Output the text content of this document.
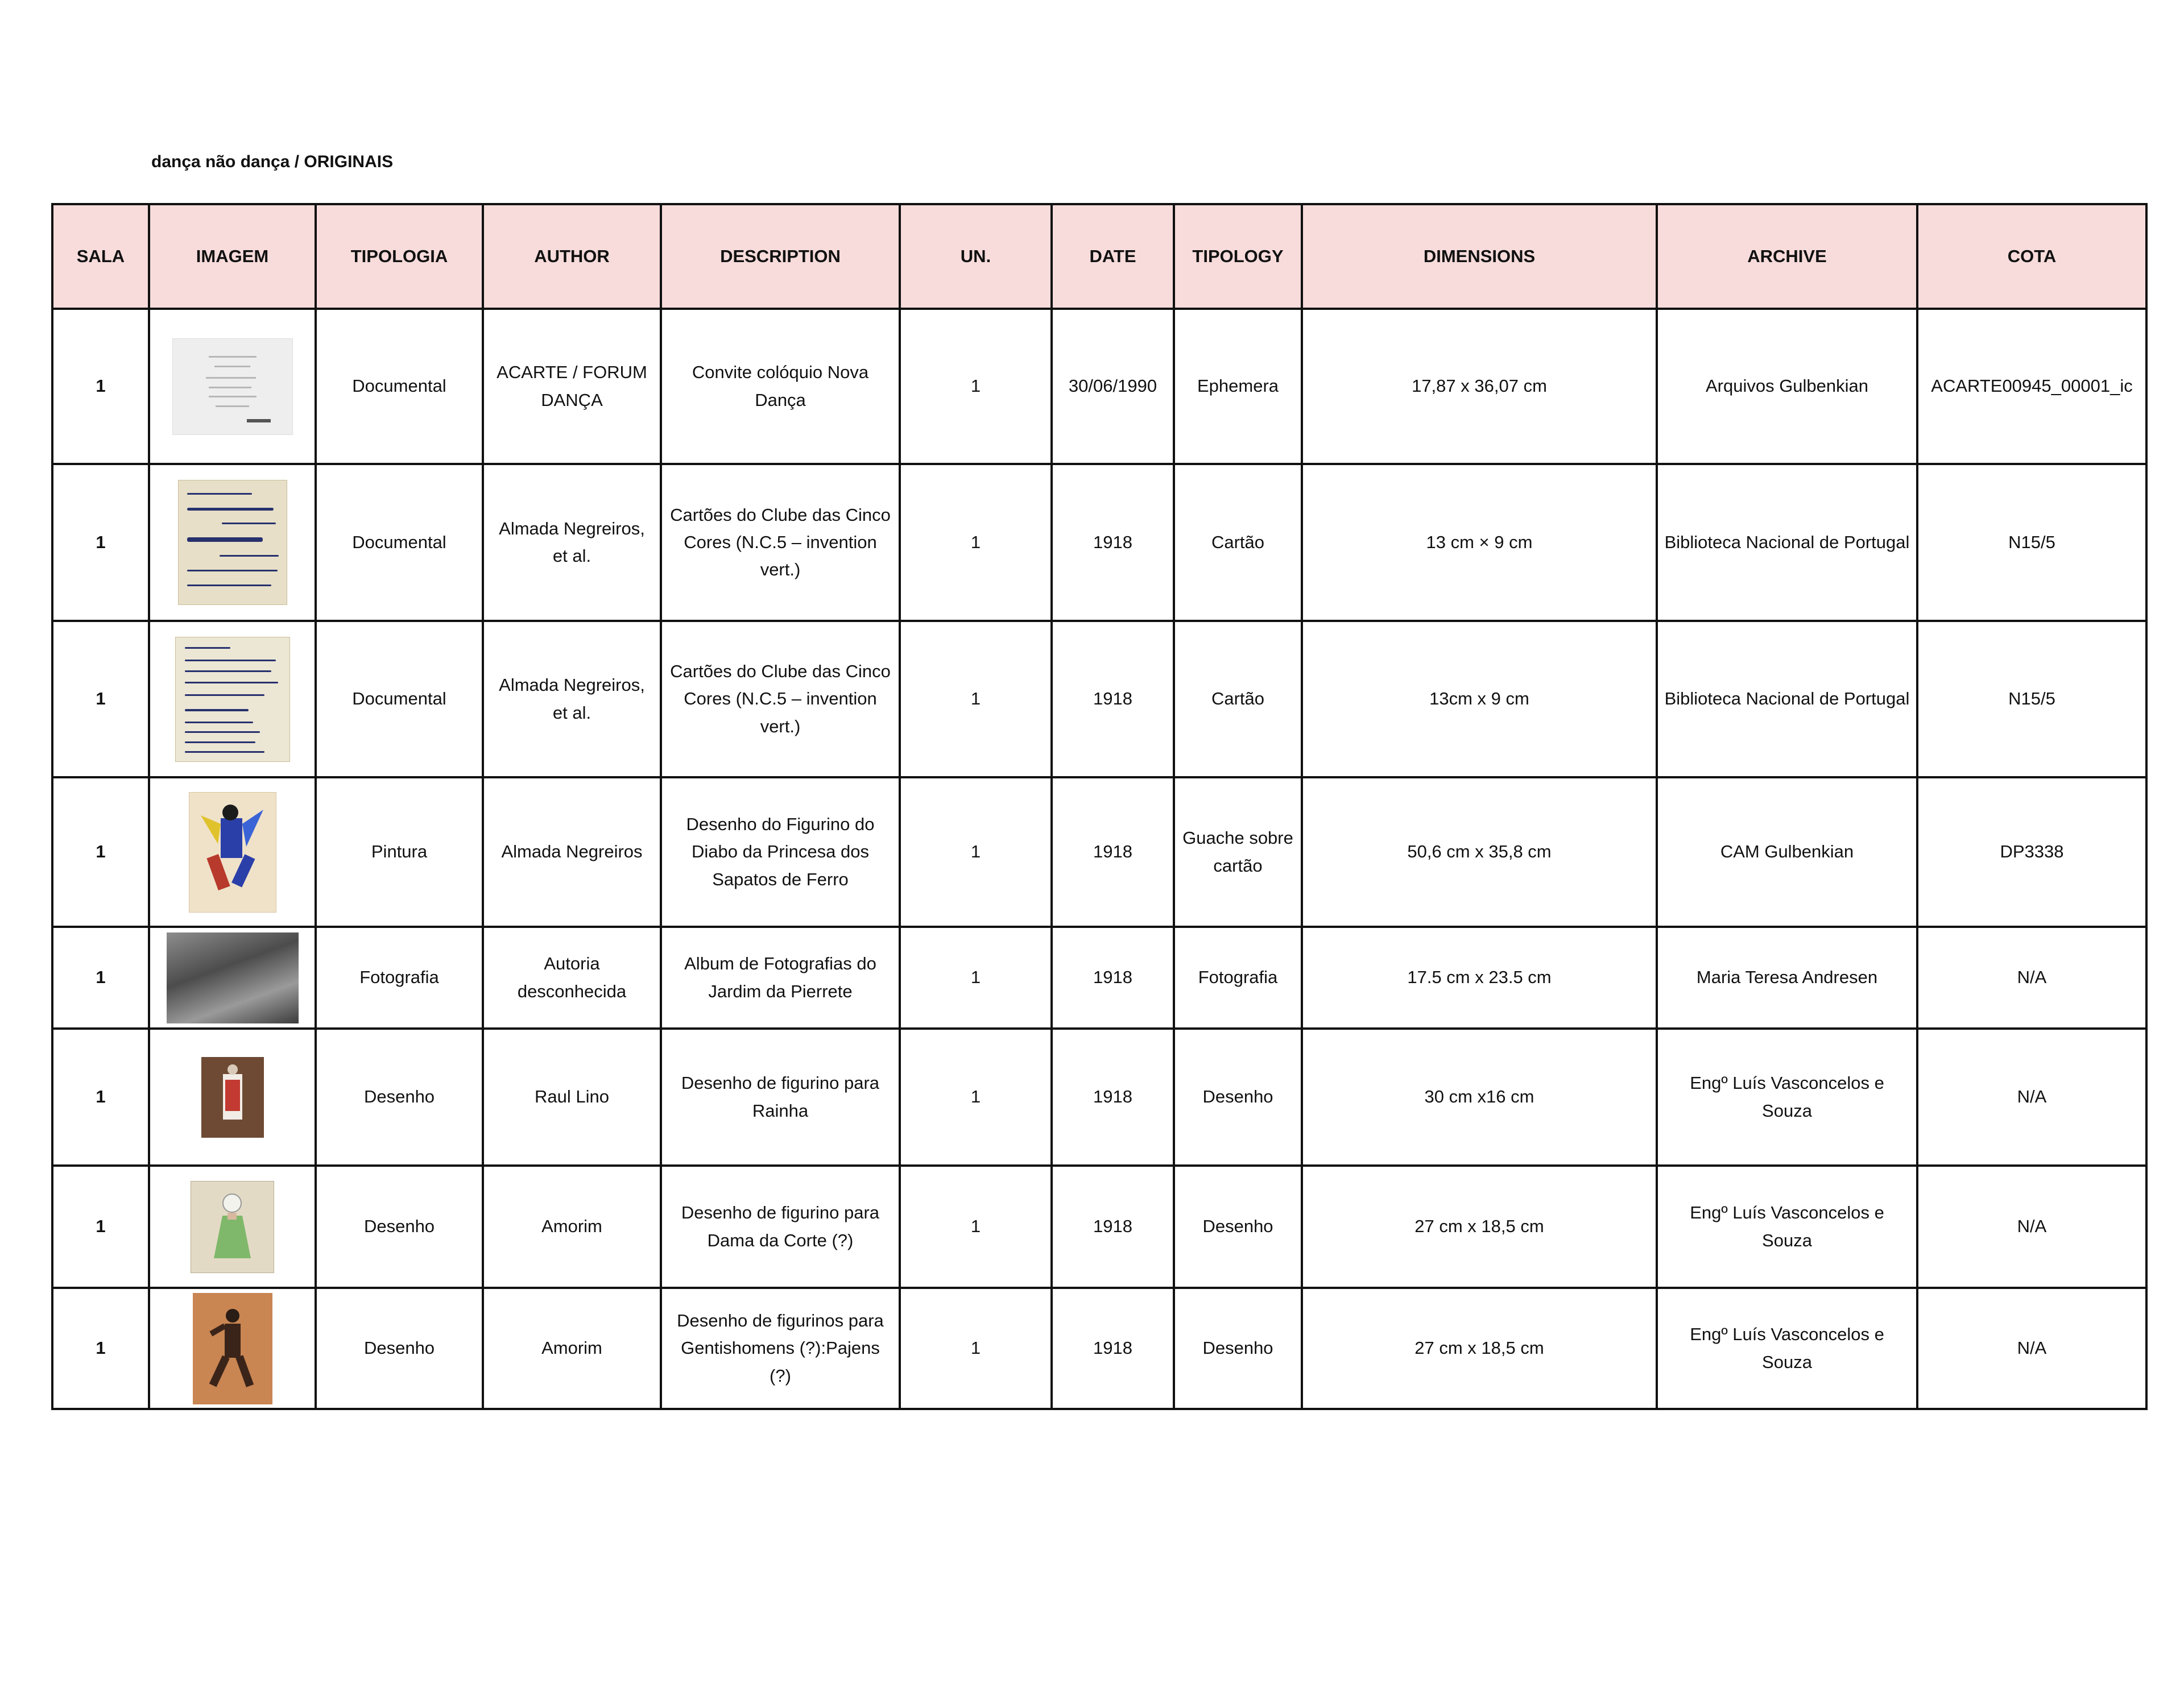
dança não dança / ORIGINAIS
SALA	IMAGEM	TIPOLOGIA	AUTHOR	DESCRIPTION	UN.	DATE	TIPOLOGY	DIMENSIONS	ARCHIVE	COTA
1		Documental	ACARTE / FORUM DANÇA	Convite colóquio Nova Dança	1	30/06/1990	Ephemera	17,87 x 36,07 cm	Arquivos Gulbenkian	ACARTE00945_00001_ic
1		Documental	Almada Negreiros, et al.	Cartões do Clube das Cinco Cores (N.C.5 – invention vert.)	1	1918	Cartão	13 cm × 9 cm	Biblioteca Nacional de Portugal	N15/5
1		Documental	Almada Negreiros, et al.	Cartões do Clube das Cinco Cores (N.C.5 – invention vert.)	1	1918	Cartão	13cm x 9 cm	Biblioteca Nacional de Portugal	N15/5
1		Pintura	Almada Negreiros	Desenho do Figurino do Diabo da Princesa dos Sapatos de Ferro	1	1918	Guache sobre cartão	50,6 cm x 35,8 cm	CAM Gulbenkian	DP3338
1		Fotografia	Autoria desconhecida	Album de Fotografias do Jardim da Pierrete	1	1918	Fotografia	17.5 cm x 23.5 cm	Maria Teresa Andresen	N/A
1		Desenho	Raul Lino	Desenho de figurino para Rainha	1	1918	Desenho	30 cm x16 cm	Engº Luís Vasconcelos e Souza	N/A
1		Desenho	Amorim	Desenho de figurino para Dama da Corte (?)	1	1918	Desenho	27 cm x 18,5 cm	Engº Luís Vasconcelos e Souza	N/A
1		Desenho	Amorim	Desenho de figurinos para Gentishomens (?):Pajens (?)	1	1918	Desenho	27 cm x 18,5 cm	Engº Luís Vasconcelos e Souza	N/A
